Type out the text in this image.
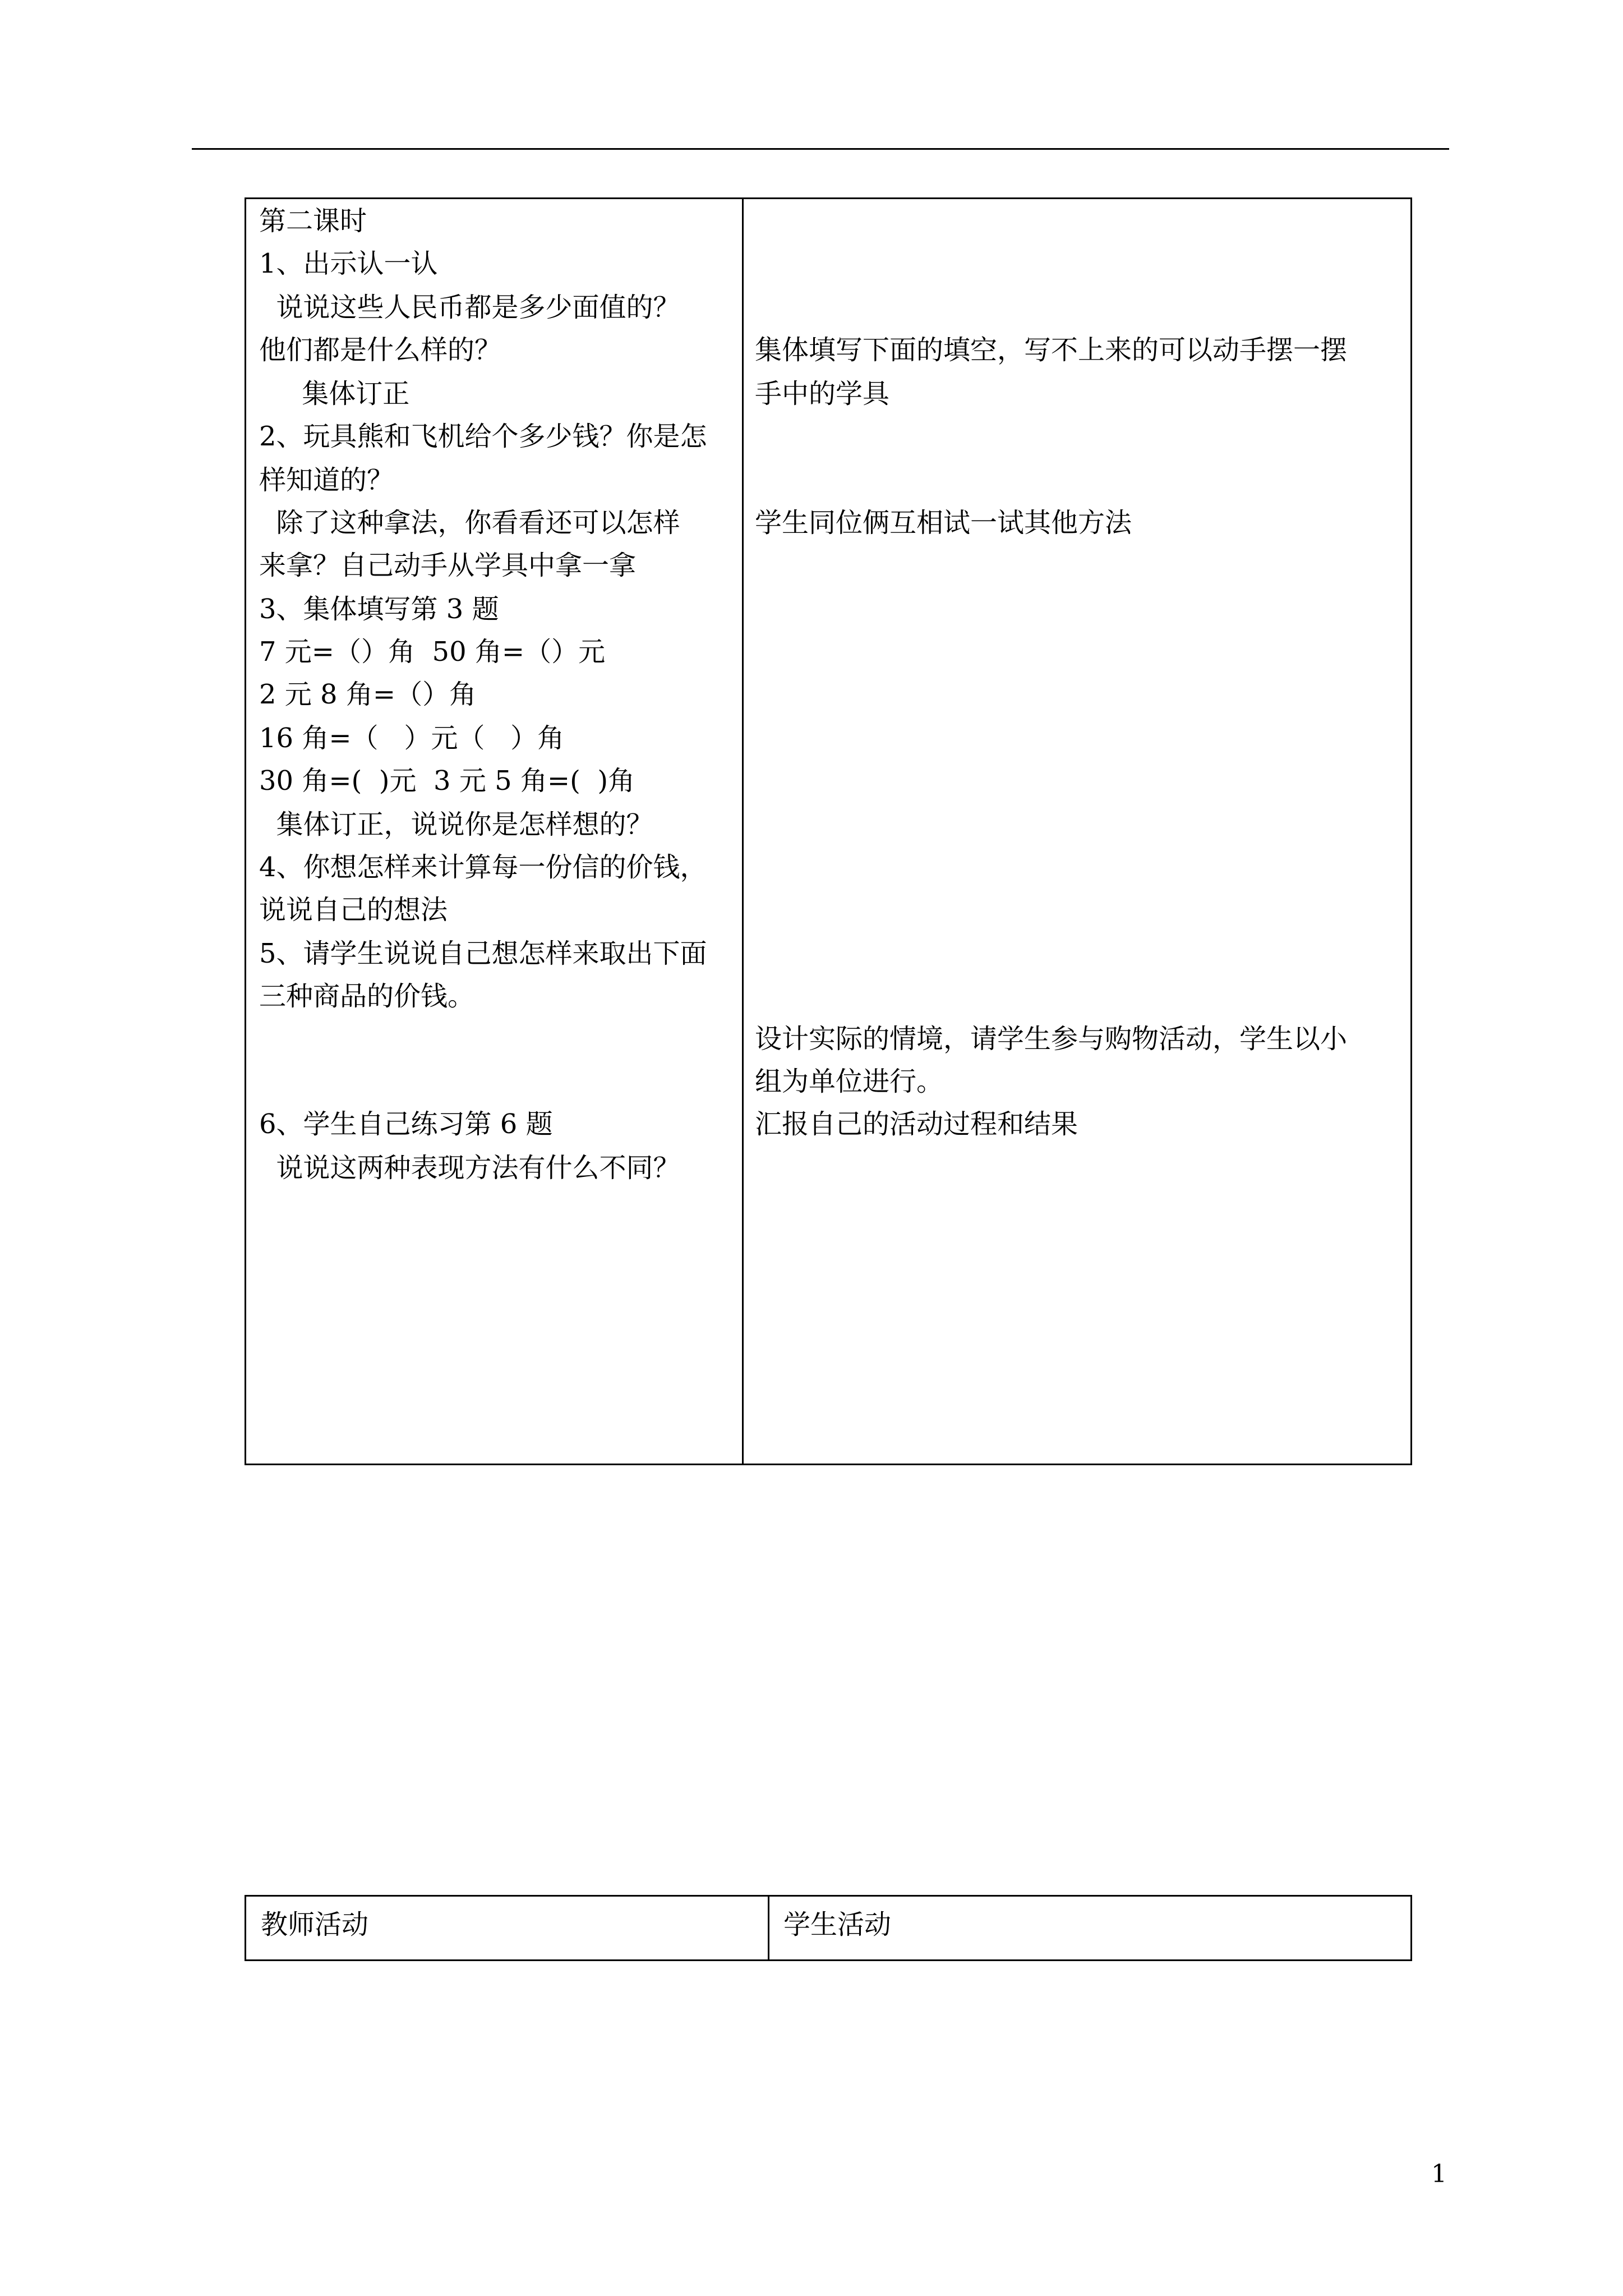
第二课时
1、出示认一认
说说这些人民币都是多少面值的？
他们都是什么样的？
集体订正
2、玩具熊和飞机给个多少钱？你是怎
样知道的？
除了这种拿法，你看看还可以怎样
来拿？自己动手从学具中拿一拿
3、集体填写第 3 题
7 元=（）角  50 角=（）元
2 元 8 角=（）角
16 角=（   ）元（   ）角
30 角=(  )元  3 元 5 角=(  )角
集体订正，说说你是怎样想的？
4、你想怎样来计算每一份信的价钱，
说说自己的想法
5、请学生说说自己想怎样来取出下面
三种商品的价钱。
6、学生自己练习第 6 题
说说这两种表现方法有什么不同？
集体填写下面的填空，写不上来的可以动手摆一摆
手中的学具
学生同位俩互相试一试其他方法
设计实际的情境，请学生参与购物活动，学生以小
组为单位进行。
汇报自己的活动过程和结果
教师活动	学生活动
1
